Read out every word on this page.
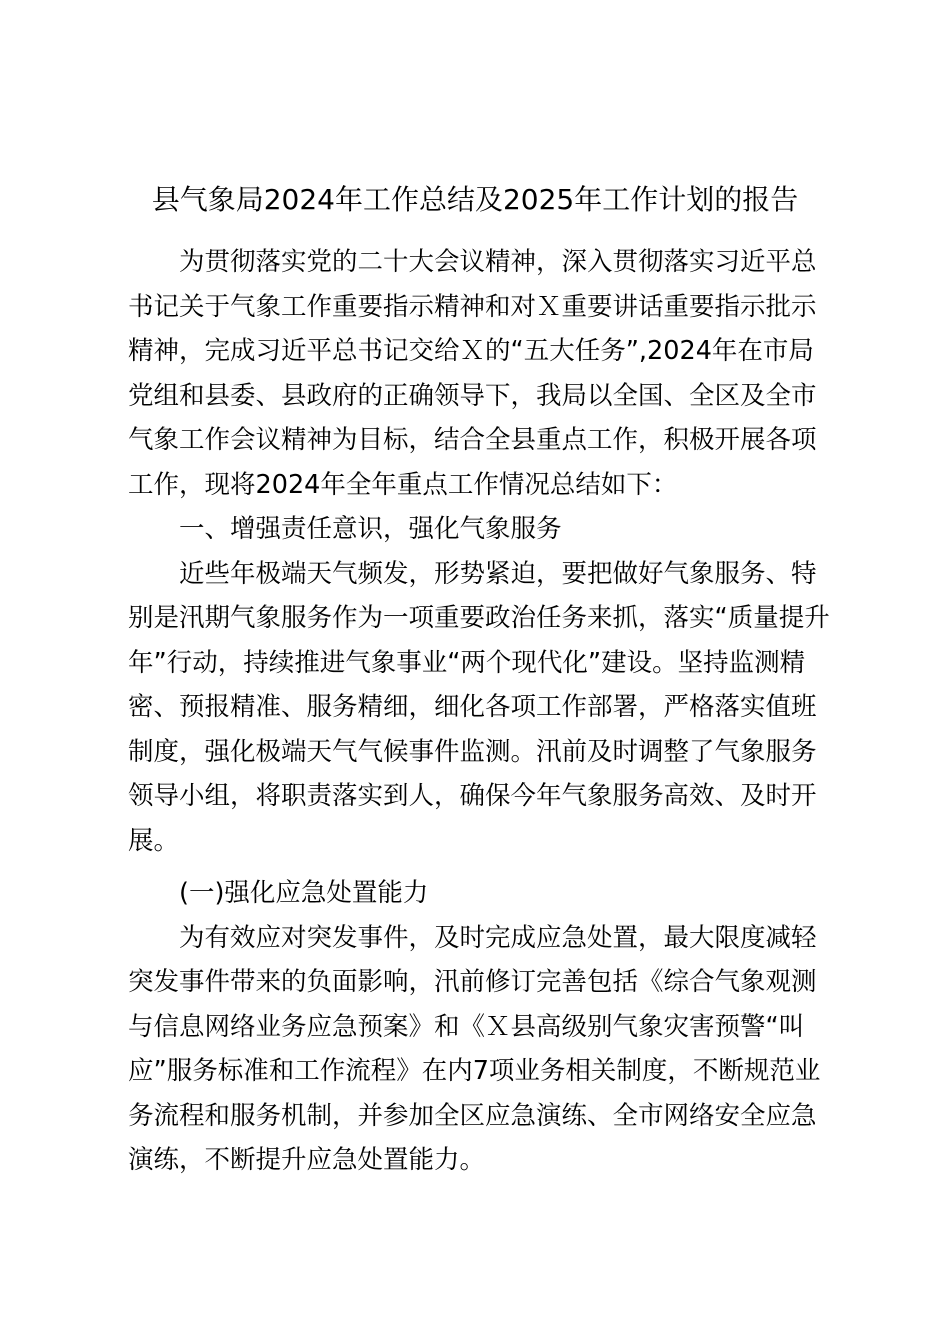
县气象局2024年工作总结及2025年工作计划的报告
　　为贯彻落实党的二十大会议精神，深入贯彻落实习近平总
书记关于气象工作重要指示精神和对Ｘ重要讲话重要指示批示
精神，完成习近平总书记交给Ｘ的“五大任务”,2024年在市局
党组和县委、县政府的正确领导下，我局以全国、全区及全市
气象工作会议精神为目标，结合全县重点工作，积极开展各项
工作，现将2024年全年重点工作情况总结如下：
　　一、增强责任意识，强化气象服务
　　近些年极端天气频发，形势紧迫，要把做好气象服务、特
别是汛期气象服务作为一项重要政治任务来抓，落实“质量提升
年”行动，持续推进气象事业“两个现代化”建设。坚持监测精
密、预报精准、服务精细，细化各项工作部署，严格落实值班
制度，强化极端天气气候事件监测。汛前及时调整了气象服务
领导小组，将职责落实到人，确保今年气象服务高效、及时开
展。
　　(一)强化应急处置能力
　　为有效应对突发事件，及时完成应急处置，最大限度减轻
突发事件带来的负面影响，汛前修订完善包括《综合气象观测
与信息网络业务应急预案》和《Ｘ县高级别气象灾害预警“叫
应”服务标准和工作流程》在内7项业务相关制度，不断规范业
务流程和服务机制，并参加全区应急演练、全市网络安全应急
演练，不断提升应急处置能力。
